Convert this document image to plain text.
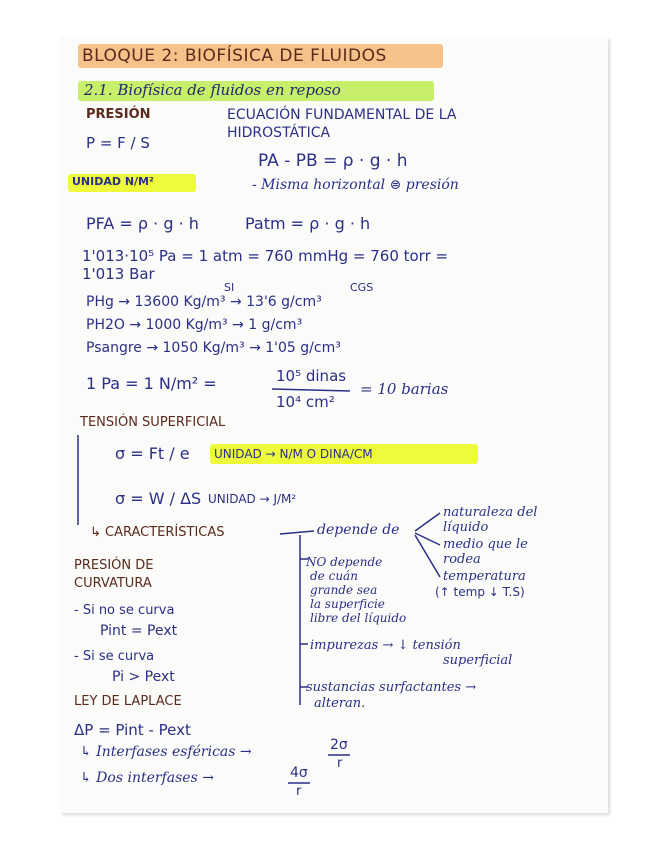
BLOQUE 2: BIOFÍSICA DE FLUIDOS
2.1. Biofísica de fluidos en reposo
PRESIÓN
P = F / S
UNIDAD N/M²
ECUACIÓN FUNDAMENTAL DE LA
HIDROSTÁTICA
PA - PB = ρ · g · h
- Misma horizontal ⊜ presión
PFA = ρ · g · h	Patm = ρ · g · h
1'013·10⁵ Pa = 1 atm = 760 mmHg = 760 torr =
1'013 Bar
SI	CGS
PHg → 13600 Kg/m³ → 13'6 g/cm³
PH2O → 1000 Kg/m³ → 1 g/cm³
Psangre → 1050 Kg/m³ → 1'05 g/cm³
1 Pa = 1 N/m² =	10⁵ dinas
10⁴ cm²
= 10 barias
TENSIÓN SUPERFICIAL
σ = Ft / e UNIDAD → N/M O DINA/CM
σ = W / ΔS UNIDAD → J/M²
↳ CARACTERÍSTICAS	depende de
naturaleza del
líquido
medio que le
rodea
temperatura
(↑ temp ↓ T.S)
NO depende
de cuán
grande sea
la superficie
libre del líquido
impurezas → ↓ tensión
superficial
sustancias surfactantes →
alteran.
PRESIÓN DE
CURVATURA
- Si no se curva
Pint = Pext
- Si se curva
Pi > Pext
LEY DE LAPLACE
ΔP = Pint - Pext
↳ Interfases esféricas →	2σ
r
↳ Dos interfases →	4σ
r
